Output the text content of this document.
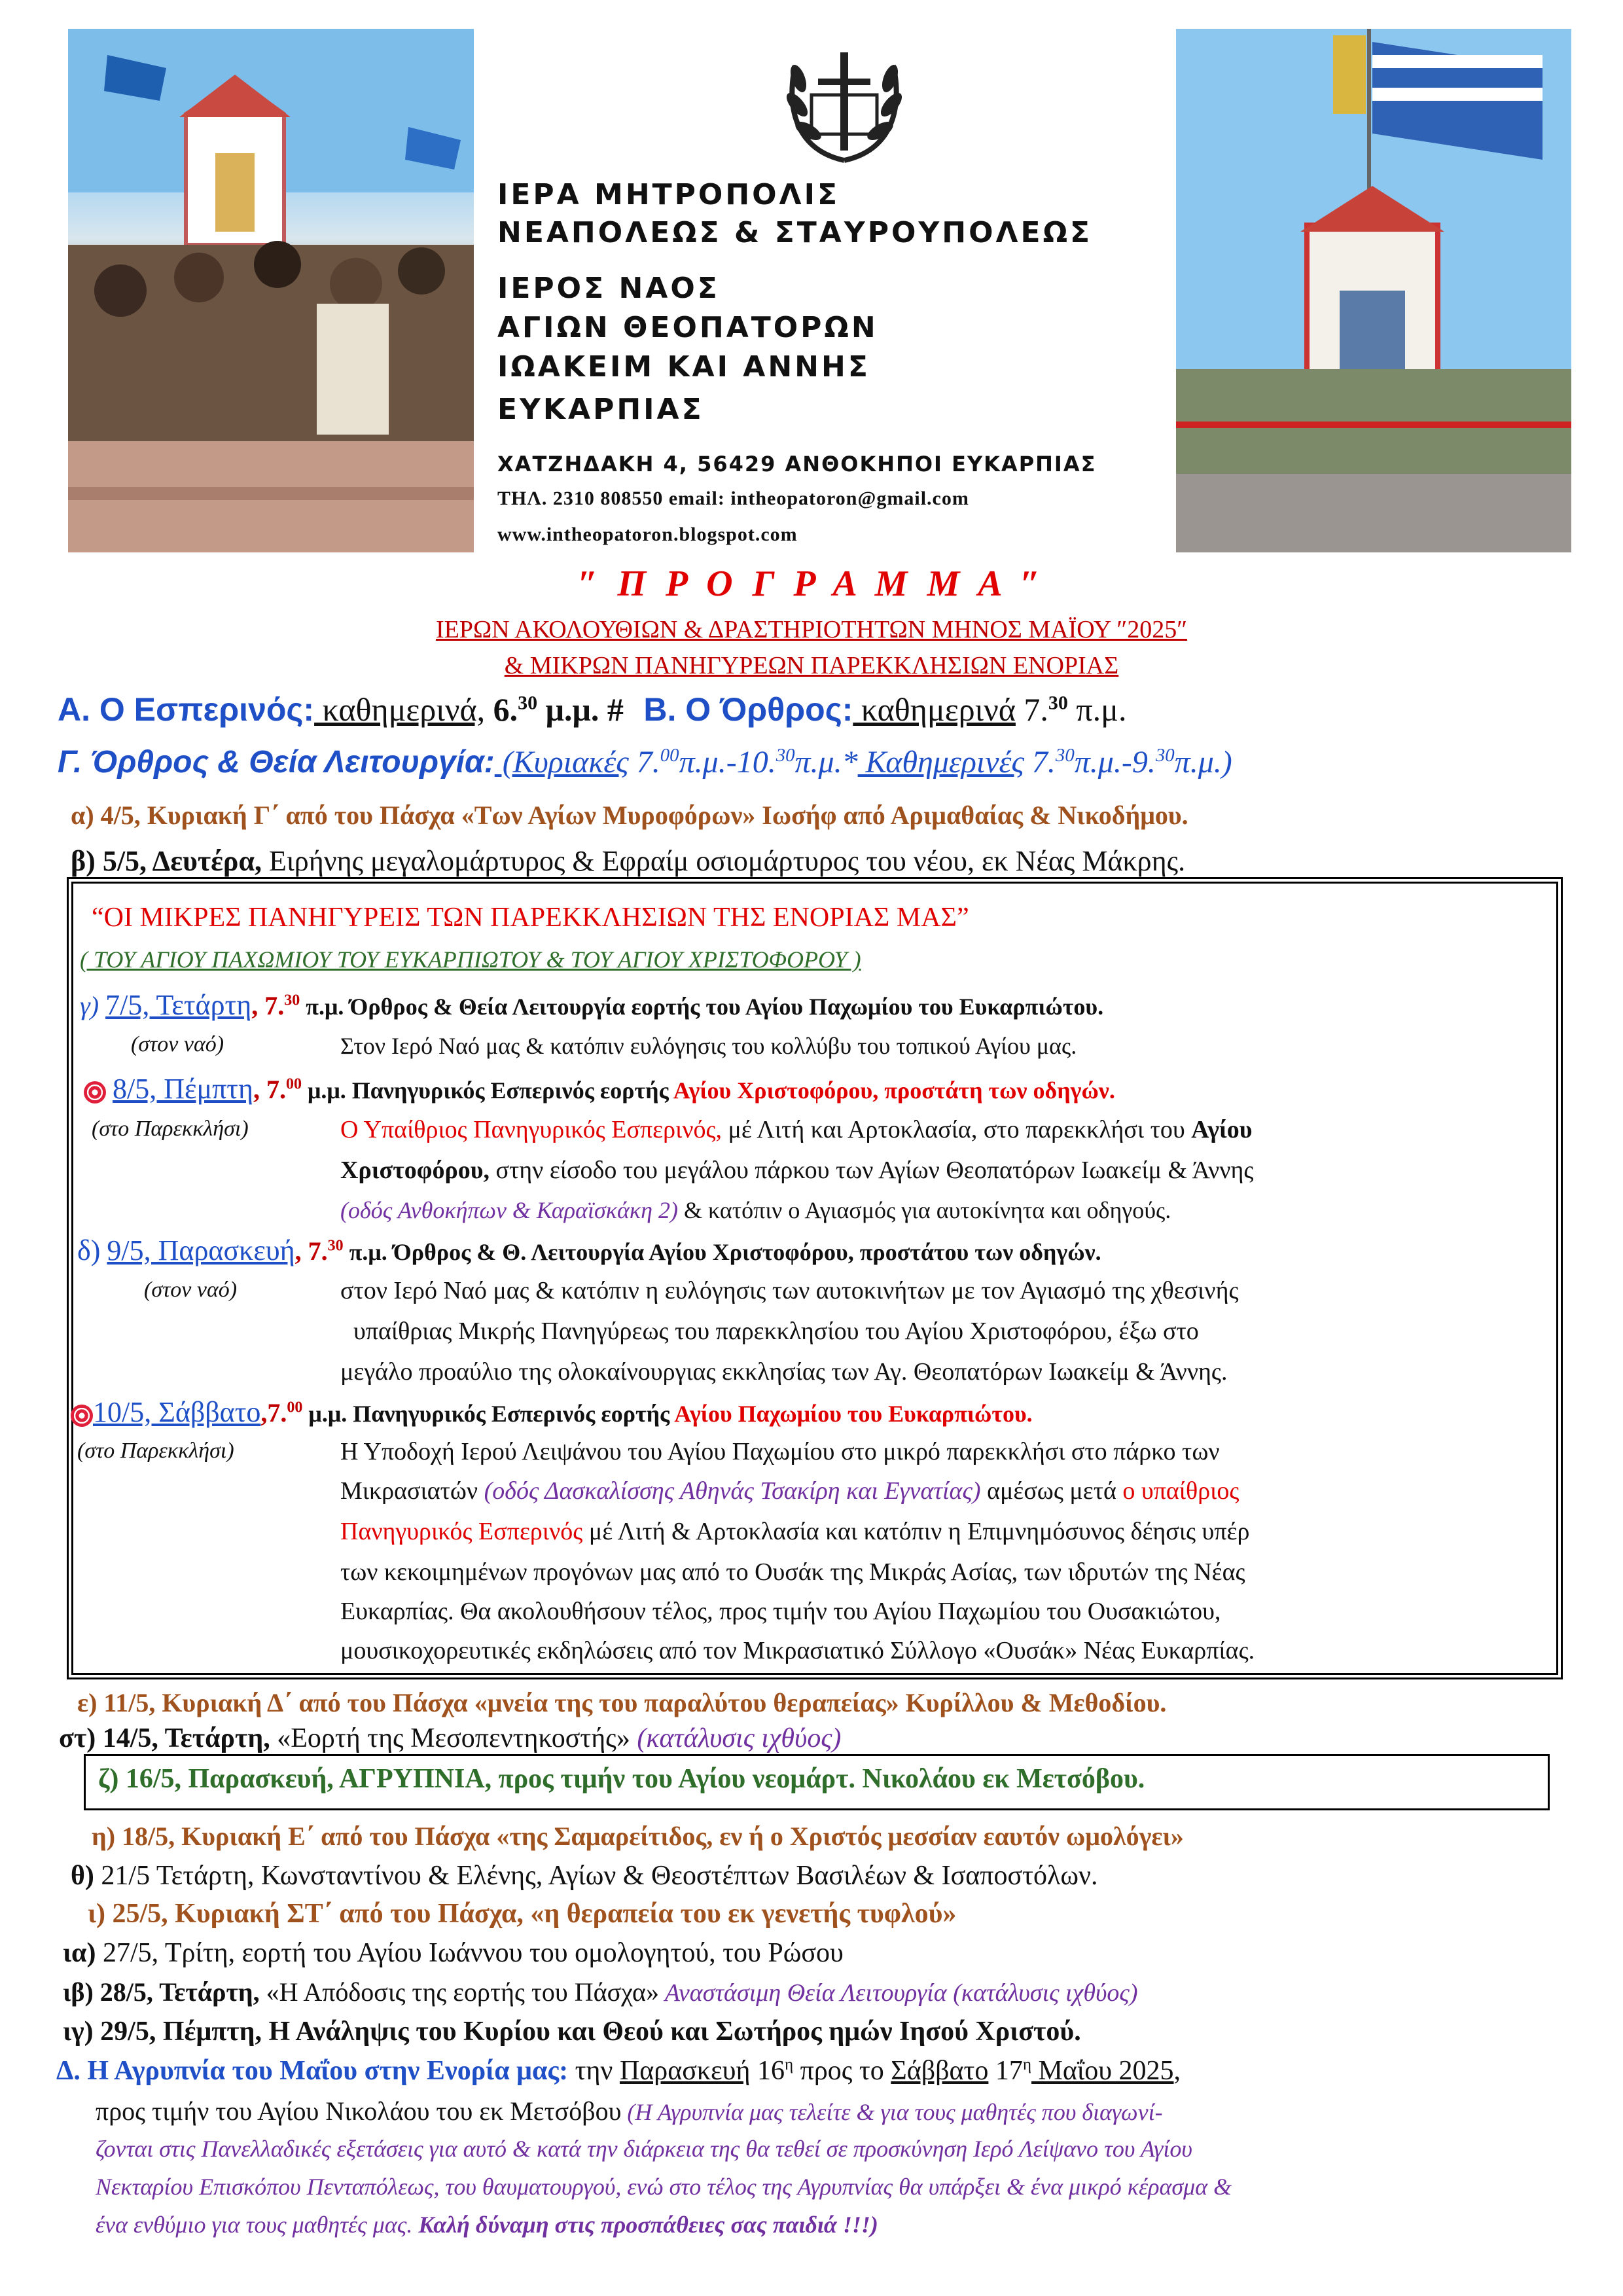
ΙΕΡΑ ΜΗΤΡΟΠΟΛΙΣ
ΝΕΑΠΟΛΕΩΣ & ΣΤΑΥΡΟΥΠΟΛΕΩΣ
ΙΕΡΟΣ ΝΑΟΣ
ΑΓΙΩΝ ΘΕΟΠΑΤΟΡΩΝ
ΙΩΑΚΕΙΜ ΚΑΙ ΑΝΝΗΣ
ΕΥΚΑΡΠΙΑΣ
ΧΑΤΖΗΔΑΚΗ 4, 56429 ΑΝΘΟΚΗΠΟΙ ΕΥΚΑΡΠΙΑΣ
ΤΗΛ. 2310 808550 email: intheopatoron@gmail.com
www.intheopatoron.blogspot.com
″ Π Ρ Ο Γ Ρ Α Μ Μ Α ″
ΙΕΡΩΝ ΑΚΟΛΟΥΘΙΩΝ & ΔΡΑΣΤΗΡΙΟΤΗΤΩΝ ΜΗΝΟΣ ΜΑΪΟΥ ″2025″
& ΜΙΚΡΩΝ ΠΑΝΗΓΥΡΕΩΝ ΠΑΡΕΚΚΛΗΣΙΩΝ ΕΝΟΡΙΑΣ
Α. Ο Εσπερινός: καθημερινά, 6.30 μ.μ. # Β. Ο Όρθρος: καθημερινά 7.30 π.μ.
Γ. Όρθρος & Θεία Λειτουργία: (Κυριακές 7.00π.μ.-10.30π.μ.* Καθημερινές 7.30π.μ.-9.30π.μ.)
α) 4/5, Κυριακή Γ΄ από του Πάσχα «Των Αγίων Μυροφόρων» Ιωσήφ από Αριμαθαίας & Νικοδήμου.
β) 5/5, Δευτέρα, Ειρήνης μεγαλομάρτυρος & Εφραίμ οσιομάρτυρος του νέου, εκ Νέας Μάκρης.
“ΟΙ ΜΙΚΡΕΣ ΠΑΝΗΓΥΡΕΙΣ ΤΩΝ ΠΑΡΕΚΚΛΗΣΙΩΝ ΤΗΣ ΕΝΟΡΙΑΣ ΜΑΣ”
( ΤΟΥ ΑΓΙΟΥ ΠΑΧΩΜΙΟΥ ΤΟΥ ΕΥΚΑΡΠΙΩΤΟΥ & ΤΟΥ ΑΓΙΟΥ ΧΡΙΣΤΟΦΟΡΟΥ )
γ) 7/5, Τετάρτη, 7.30 π.μ. Όρθρος & Θεία Λειτουργία εορτής του Αγίου Παχωμίου του Ευκαρπιώτου.
(στον ναό)	Στον Ιερό Ναό μας & κατόπιν ευλόγησις του κολλύβυ του τοπικού Αγίου μας.
8/5, Πέμπτη, 7.00 μ.μ. Πανηγυρικός Εσπερινός εορτής Αγίου Χριστοφόρου, προστάτη των οδηγών.
(στο Παρεκκλήσι)	Ο Υπαίθριος Πανηγυρικός Εσπερινός, μέ Λιτή και Αρτοκλασία, στο παρεκκλήσι του Αγίου
Χριστοφόρου, στην είσοδο του μεγάλου πάρκου των Αγίων Θεοπατόρων Ιωακείμ & Άννης
(οδός Ανθοκήπων & Καραϊσκάκη 2) & κατόπιν ο Αγιασμός για αυτοκίνητα και οδηγούς.
δ) 9/5, Παρασκευή, 7.30 π.μ. Όρθρος & Θ. Λειτουργία Αγίου Χριστοφόρου, προστάτου των οδηγών.
(στον ναό)	στον Ιερό Ναό μας & κατόπιν η ευλόγησις των αυτοκινήτων με τον Αγιασμό της χθεσινής
υπαίθριας Μικρής Πανηγύρεως του παρεκκλησίου του Αγίου Χριστοφόρου, έξω στο
μεγάλο προαύλιο της ολοκαίνουργιας εκκλησίας των Αγ. Θεοπατόρων Ιωακείμ & Άννης.
10/5, Σάββατο,7.00 μ.μ. Πανηγυρικός Εσπερινός εορτής Αγίου Παχωμίου του Ευκαρπιώτου.
(στο Παρεκκλήσι)	Η Υποδοχή Ιερού Λειψάνου του Αγίου Παχωμίου στο μικρό παρεκκλήσι στο πάρκο των
Μικρασιατών (οδός Δασκαλίσσης Αθηνάς Τσακίρη και Εγνατίας) αμέσως μετά ο υπαίθριος
Πανηγυρικός Εσπερινός μέ Λιτή & Αρτοκλασία και κατόπιν η Επιμνημόσυνος δέησις υπέρ
των κεκοιμημένων προγόνων μας από το Ουσάκ της Μικράς Ασίας, των ιδρυτών της Νέας
Ευκαρπίας. Θα ακολουθήσουν τέλος, προς τιμήν του Αγίου Παχωμίου του Ουσακιώτου,
μουσικοχορευτικές εκδηλώσεις από τον Μικρασιατικό Σύλλογο «Ουσάκ» Νέας Ευκαρπίας.
ε) 11/5, Κυριακή Δ΄ από του Πάσχα «μνεία της του παραλύτου θεραπείας» Κυρίλλου & Μεθοδίου.
στ) 14/5, Τετάρτη, «Εορτή της Μεσοπεντηκοστής» (κατάλυσις ιχθύος)
ζ) 16/5, Παρασκευή, ΑΓΡΥΠΝΙΑ, προς τιμήν του Αγίου νεομάρτ. Νικολάου εκ Μετσόβου.
η) 18/5, Κυριακή Ε΄ από του Πάσχα «της Σαμαρείτιδος, εν ή ο Χριστός μεσσίαν εαυτόν ωμολόγει»
θ) 21/5 Τετάρτη, Κωνσταντίνου & Ελένης, Αγίων & Θεοστέπτων Βασιλέων & Ισαποστόλων.
ι) 25/5, Κυριακή ΣΤ΄ από του Πάσχα, «η θεραπεία του εκ γενετής τυφλού»
ια) 27/5, Τρίτη, εορτή του Αγίου Ιωάννου του ομολογητού, του Ρώσου
ιβ) 28/5, Τετάρτη, «Η Απόδοσις της εορτής του Πάσχα» Αναστάσιμη Θεία Λειτουργία (κατάλυσις ιχθύος)
ιγ) 29/5, Πέμπτη, Η Ανάληψις του Κυρίου και Θεού και Σωτήρος ημών Ιησού Χριστού.
Δ. Η Αγρυπνία του Μαΐου στην Ενορία μας: την Παρασκευή $16^\eta$ προς το Σάββατο $17^\eta$ Μαΐου 2025,
προς τιμήν του Αγίου Νικολάου του εκ Μετσόβου (Η Αγρυπνία μας τελείτε & για τους μαθητές που διαγωνί-
ζονται στις Πανελλαδικές εξετάσεις για αυτό & κατά την διάρκεια της θα τεθεί σε προσκύνηση Ιερό Λείψανο του Αγίου
Νεκταρίου Επισκόπου Πενταπόλεως, του θαυματουργού, ενώ στο τέλος της Αγρυπνίας θα υπάρξει & ένα μικρό κέρασμα &
ένα ενθύμιο για τους μαθητές μας. Καλή δύναμη στις προσπάθειες σας παιδιά !!!)
